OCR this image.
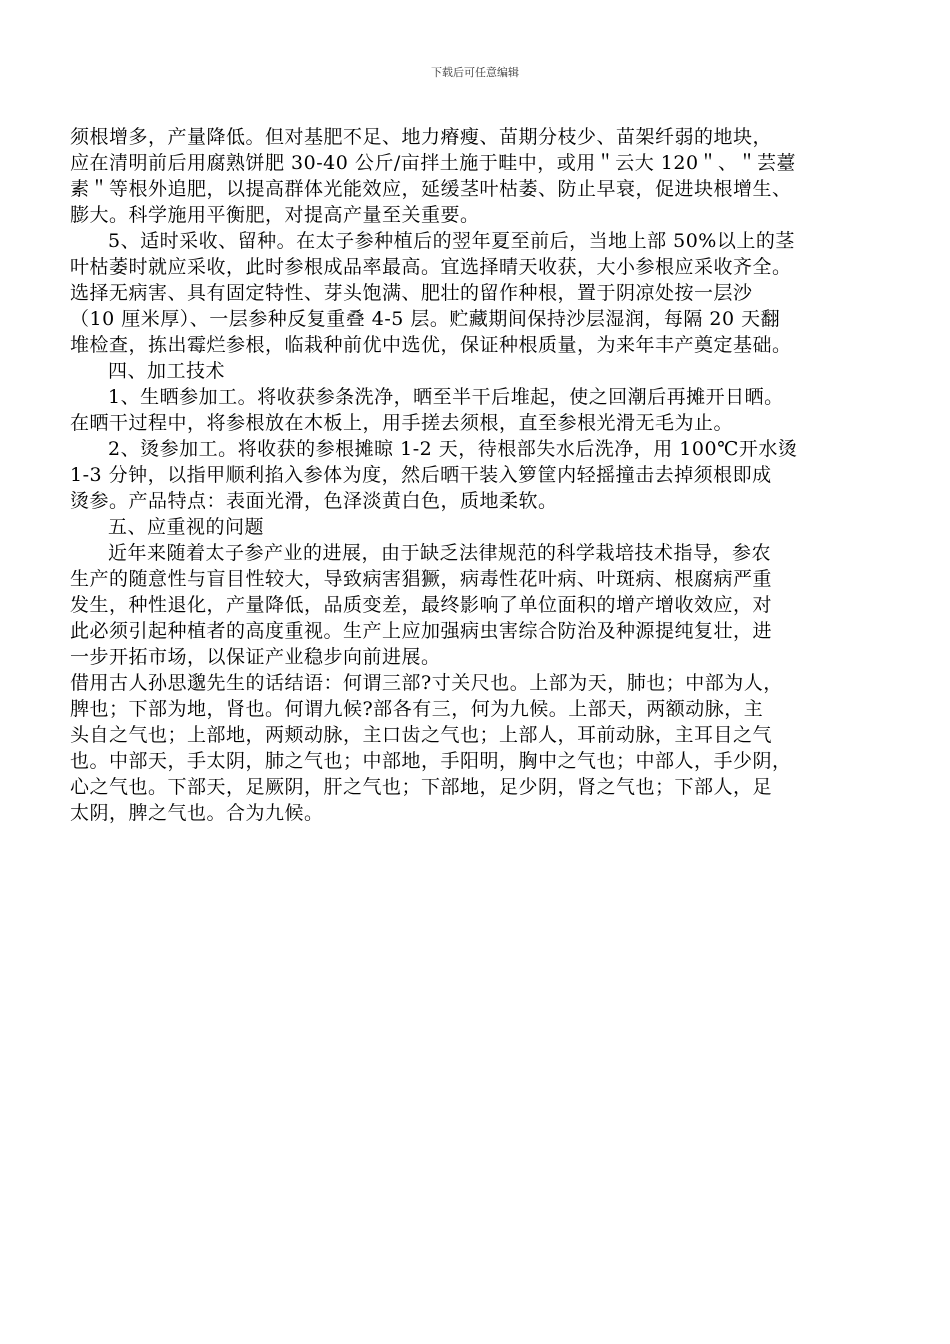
下载后可任意编辑
须根增多，产量降低。但对基肥不足、地力瘠瘦、苗期分枝少、苗架纤弱的地块，
应在清明前后用腐熟饼肥 30-40 公斤/亩拌土施于畦中，或用＂云大 120＂、＂芸薹
素＂等根外追肥，以提高群体光能效应，延缓茎叶枯萎、防止早衰，促进块根增生、
膨大。科学施用平衡肥，对提高产量至关重要。
5、适时采收、留种。在太子参种植后的翌年夏至前后，当地上部 50%以上的茎
叶枯萎时就应采收，此时参根成品率最高。宜选择晴天收获，大小参根应采收齐全。
选择无病害、具有固定特性、芽头饱满、肥壮的留作种根，置于阴凉处按一层沙
（10 厘米厚）、一层参种反复重叠 4-5 层。贮藏期间保持沙层湿润，每隔 20 天翻
堆检查，拣出霉烂参根，临栽种前优中选优，保证种根质量，为来年丰产奠定基础。
四、加工技术
1、生晒参加工。将收获参条洗净，晒至半干后堆起，使之回潮后再摊开日晒。
在晒干过程中，将参根放在木板上，用手搓去须根，直至参根光滑无毛为止。
2、烫参加工。将收获的参根摊晾 1-2 天，待根部失水后洗净，用 100℃开水烫
1-3 分钟，以指甲顺利掐入参体为度，然后晒干装入箩筐内轻摇撞击去掉须根即成
烫参。产品特点：表面光滑，色泽淡黄白色，质地柔软。
五、应重视的问题
近年来随着太子参产业的进展，由于缺乏法律规范的科学栽培技术指导，参农
生产的随意性与盲目性较大，导致病害猖獗，病毒性花叶病、叶斑病、根腐病严重
发生，种性退化，产量降低，品质变差，最终影响了单位面积的增产增收效应，对
此必须引起种植者的高度重视。生产上应加强病虫害综合防治及种源提纯复壮，进
一步开拓市场，以保证产业稳步向前进展。
借用古人孙思邈先生的话结语：何谓三部?寸关尺也。上部为天，肺也；中部为人，
脾也；下部为地，肾也。何谓九候?部各有三，何为九候。上部天，两额动脉，主
头自之气也；上部地，两颊动脉，主口齿之气也；上部人，耳前动脉，主耳目之气
也。中部天，手太阴，肺之气也；中部地，手阳明，胸中之气也；中部人，手少阴，
心之气也。下部天，足厥阴，肝之气也；下部地，足少阴，肾之气也；下部人，足
太阴，脾之气也。合为九候。
